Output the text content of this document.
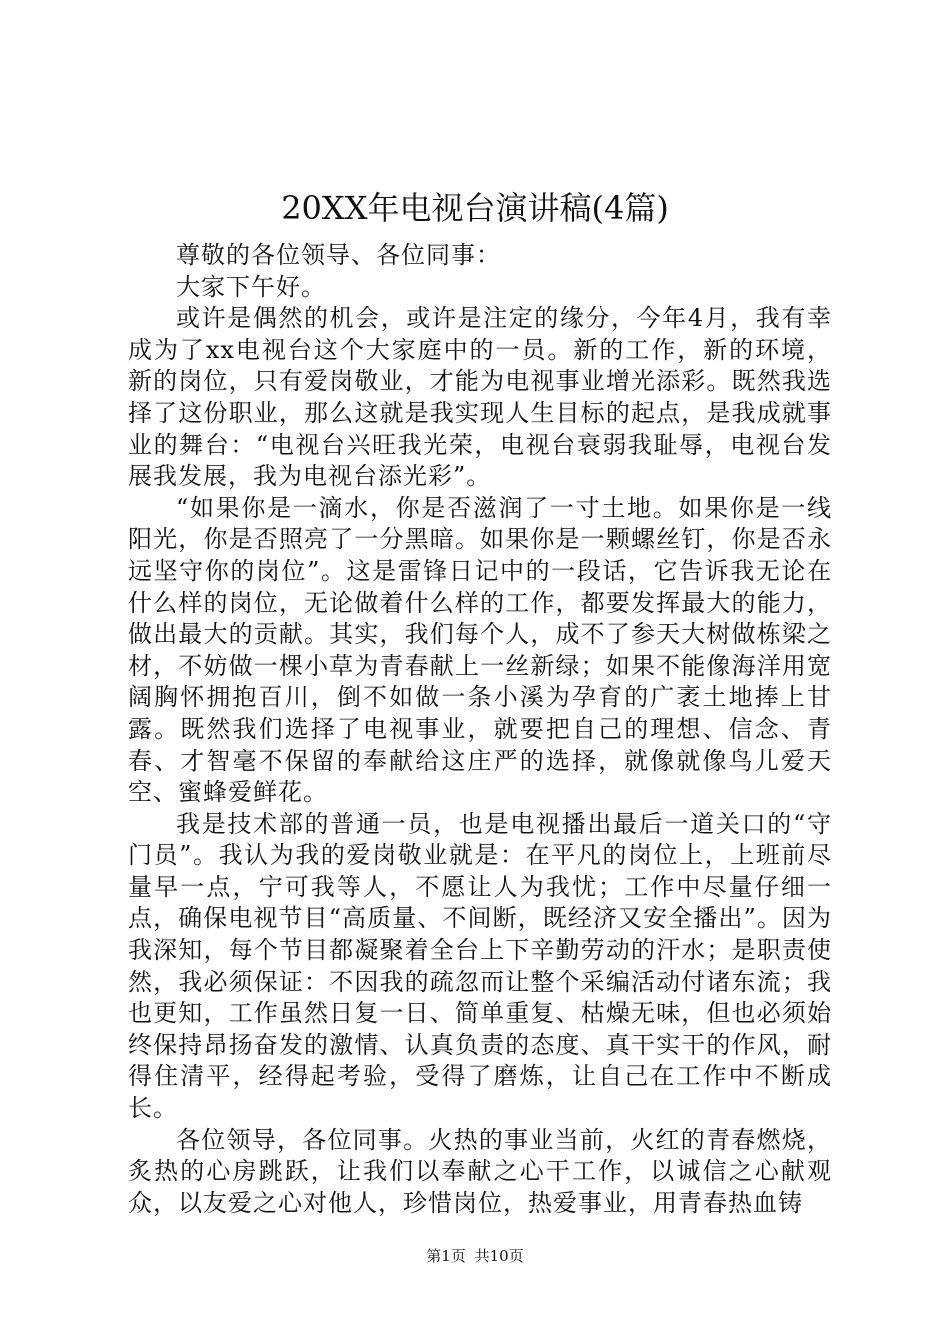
20XX年电视台演讲稿(4篇)

尊敬的各位领导、各位同事：

大家下午好。

或许是偶然的机会，或许是注定的缘分，今年4月，我有幸成为了xx电视台这个大家庭中的一员。新的工作，新的环境，新的岗位，只有爱岗敬业，才能为电视事业增光添彩。既然我选择了这份职业，那么这就是我实现人生目标的起点，是我成就事业的舞台：“电视台兴旺我光荣，电视台衰弱我耻辱，电视台发展我发展，我为电视台添光彩”。

“如果你是一滴水，你是否滋润了一寸土地。如果你是一线阳光，你是否照亮了一分黑暗。如果你是一颗螺丝钉，你是否永远坚守你的岗位”。这是雷锋日记中的一段话，它告诉我无论在什么样的岗位，无论做着什么样的工作，都要发挥最大的能力，做出最大的贡献。其实，我们每个人，成不了参天大树做栋梁之材，不妨做一棵小草为青春献上一丝新绿；如果不能像海洋用宽阔胸怀拥抱百川，倒不如做一条小溪为孕育的广袤土地捧上甘露。既然我们选择了电视事业，就要把自己的理想、信念、青春、才智毫不保留的奉献给这庄严的选择，就像就像鸟儿爱天空、蜜蜂爱鲜花。

我是技术部的普通一员，也是电视播出最后一道关口的“守门员”。我认为我的爱岗敬业就是：在平凡的岗位上，上班前尽量早一点，宁可我等人，不愿让人为我忧；工作中尽量仔细一点，确保电视节目“高质量、不间断，既经济又安全播出”。因为我深知，每个节目都凝聚着全台上下辛勤劳动的汗水；是职责使然，我必须保证：不因我的疏忽而让整个采编活动付诸东流；我也更知，工作虽然日复一日、简单重复、枯燥无味，但也必须始终保持昂扬奋发的激情、认真负责的态度、真干实干的作风，耐得住清平，经得起考验，受得了磨炼，让自己在工作中不断成长。

各位领导，各位同事。火热的事业当前，火红的青春燃烧，炙热的心房跳跃，让我们以奉献之心干工作，以诚信之心献观众，以友爱之心对他人，珍惜岗位，热爱事业，用青春热血铸

第1页 共10页
